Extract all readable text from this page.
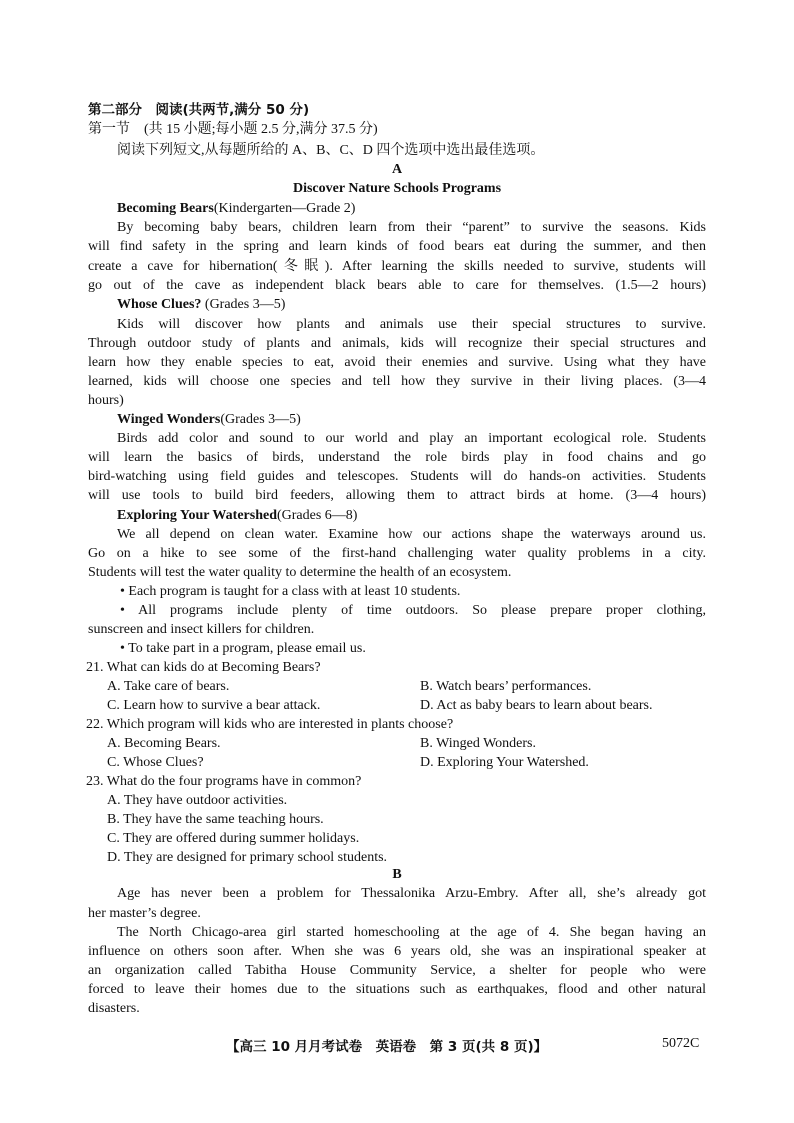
第二部分　阅读(共两节,满分 50 分)
第一节　(共 15 小题;每小题 2.5 分,满分 37.5 分)
阅读下列短文,从每题所给的 A、B、C、D 四个选项中选出最佳选项。
A
Discover Nature Schools Programs
Becoming Bears(Kindergarten—Grade 2)
By becoming baby bears, children learn from their “parent” to survive the seasons. Kids
will find safety in the spring and learn kinds of food bears eat during the summer, and then
create a cave for hibernation(冬眠). After learning the skills needed to survive, students will
go out of the cave as independent black bears able to care for themselves. (1.5—2 hours)
Whose Clues? (Grades 3—5)
Kids will discover how plants and animals use their special structures to survive.
Through outdoor study of plants and animals, kids will recognize their special structures and
learn how they enable species to eat, avoid their enemies and survive. Using what they have
learned, kids will choose one species and tell how they survive in their living places. (3—4
hours)
Winged Wonders(Grades 3—5)
Birds add color and sound to our world and play an important ecological role. Students
will learn the basics of birds, understand the role birds play in food chains and go
bird-watching using field guides and telescopes. Students will do hands-on activities. Students
will use tools to build bird feeders, allowing them to attract birds at home. (3—4 hours)
Exploring Your Watershed(Grades 6—8)
We all depend on clean water. Examine how our actions shape the waterways around us.
Go on a hike to see some of the first-hand challenging water quality problems in a city.
Students will test the water quality to determine the health of an ecosystem.
• Each program is taught for a class with at least 10 students.
• All programs include plenty of time outdoors. So please prepare proper clothing,
sunscreen and insect killers for children.
• To take part in a program, please email us.
21. What can kids do at Becoming Bears?
A. Take care of bears.	B. Watch bears’ performances.
C. Learn how to survive a bear attack.	D. Act as baby bears to learn about bears.
22. Which program will kids who are interested in plants choose?
A. Becoming Bears.	B. Winged Wonders.
C. Whose Clues?	D. Exploring Your Watershed.
23. What do the four programs have in common?
A. They have outdoor activities.
B. They have the same teaching hours.
C. They are offered during summer holidays.
D. They are designed for primary school students.
B
Age has never been a problem for Thessalonika Arzu-Embry. After all, she’s already got
her master’s degree.
The North Chicago-area girl started homeschooling at the age of 4. She began having an
influence on others soon after. When she was 6 years old, she was an inspirational speaker at
an organization called Tabitha House Community Service, a shelter for people who were
forced to leave their homes due to the situations such as earthquakes, flood and other natural
disasters.
【高三 10 月月考试卷　英语卷　第 3 页(共 8 页)】	5072C
